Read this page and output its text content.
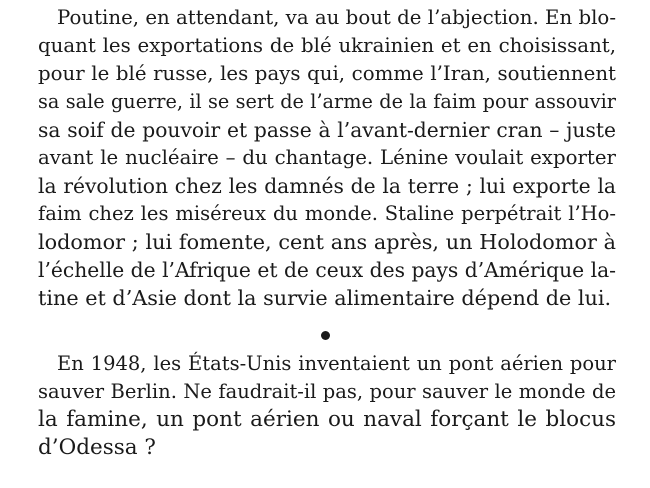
Poutine, en attendant, va au bout de l’abjection. En blo-
quant les exportations de blé ukrainien et en choisissant,
pour le blé russe, les pays qui, comme l’Iran, soutiennent
sa sale guerre, il se sert de l’arme de la faim pour assouvir
sa soif de pouvoir et passe à l’avant-dernier cran – juste
avant le nucléaire – du chantage. Lénine voulait exporter
la révolution chez les damnés de la terre ; lui exporte la
faim chez les miséreux du monde. Staline perpétrait l’Ho-
lodomor ; lui fomente, cent ans après, un Holodomor à
l’échelle de l’Afrique et de ceux des pays d’Amérique la-
tine et d’Asie dont la survie alimentaire dépend de lui.
En 1948, les États-Unis inventaient un pont aérien pour
sauver Berlin. Ne faudrait-il pas, pour sauver le monde de
la famine, un pont aérien ou naval forçant le blocus
d’Odessa ?
